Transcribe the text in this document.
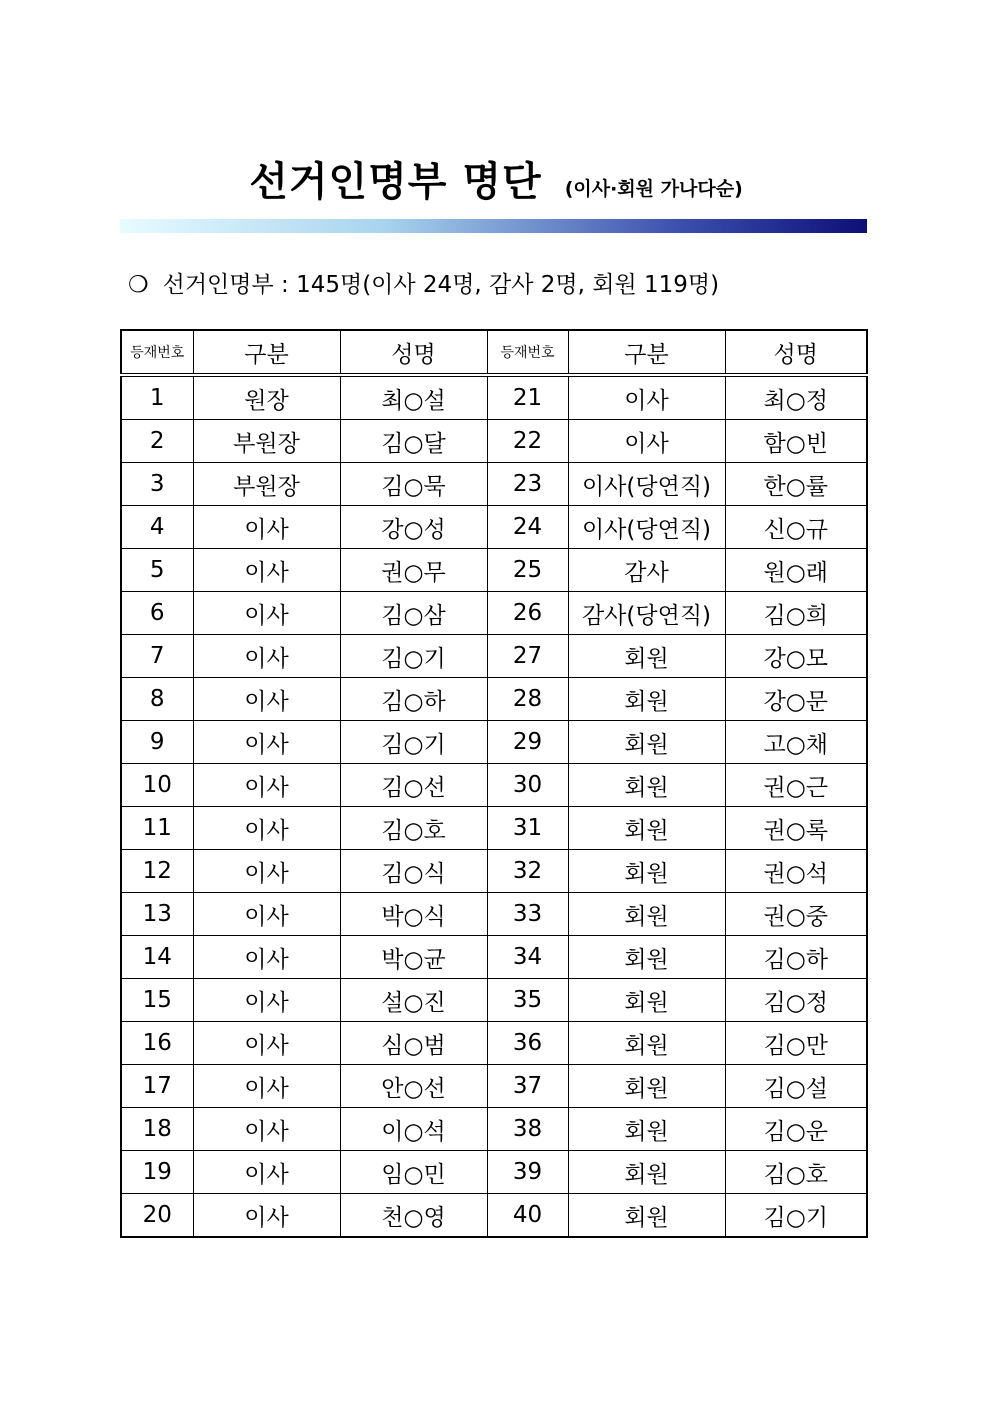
선거인명부 명단 (이사·회원 가나다순)
❍ 선거인명부 : 145명(이사 24명, 감사 2명, 회원 119명)
등재번호	구분	성명	등재번호	구분	성명
1	원장	최○설	21	이사	최○정
2	부원장	김○달	22	이사	함○빈
3	부원장	김○묵	23	이사(당연직)	한○률
4	이사	강○성	24	이사(당연직)	신○규
5	이사	권○무	25	감사	원○래
6	이사	김○삼	26	감사(당연직)	김○희
7	이사	김○기	27	회원	강○모
8	이사	김○하	28	회원	강○문
9	이사	김○기	29	회원	고○채
10	이사	김○선	30	회원	권○근
11	이사	김○호	31	회원	권○록
12	이사	김○식	32	회원	권○석
13	이사	박○식	33	회원	권○중
14	이사	박○균	34	회원	김○하
15	이사	설○진	35	회원	김○정
16	이사	심○범	36	회원	김○만
17	이사	안○선	37	회원	김○설
18	이사	이○석	38	회원	김○운
19	이사	임○민	39	회원	김○호
20	이사	천○영	40	회원	김○기
